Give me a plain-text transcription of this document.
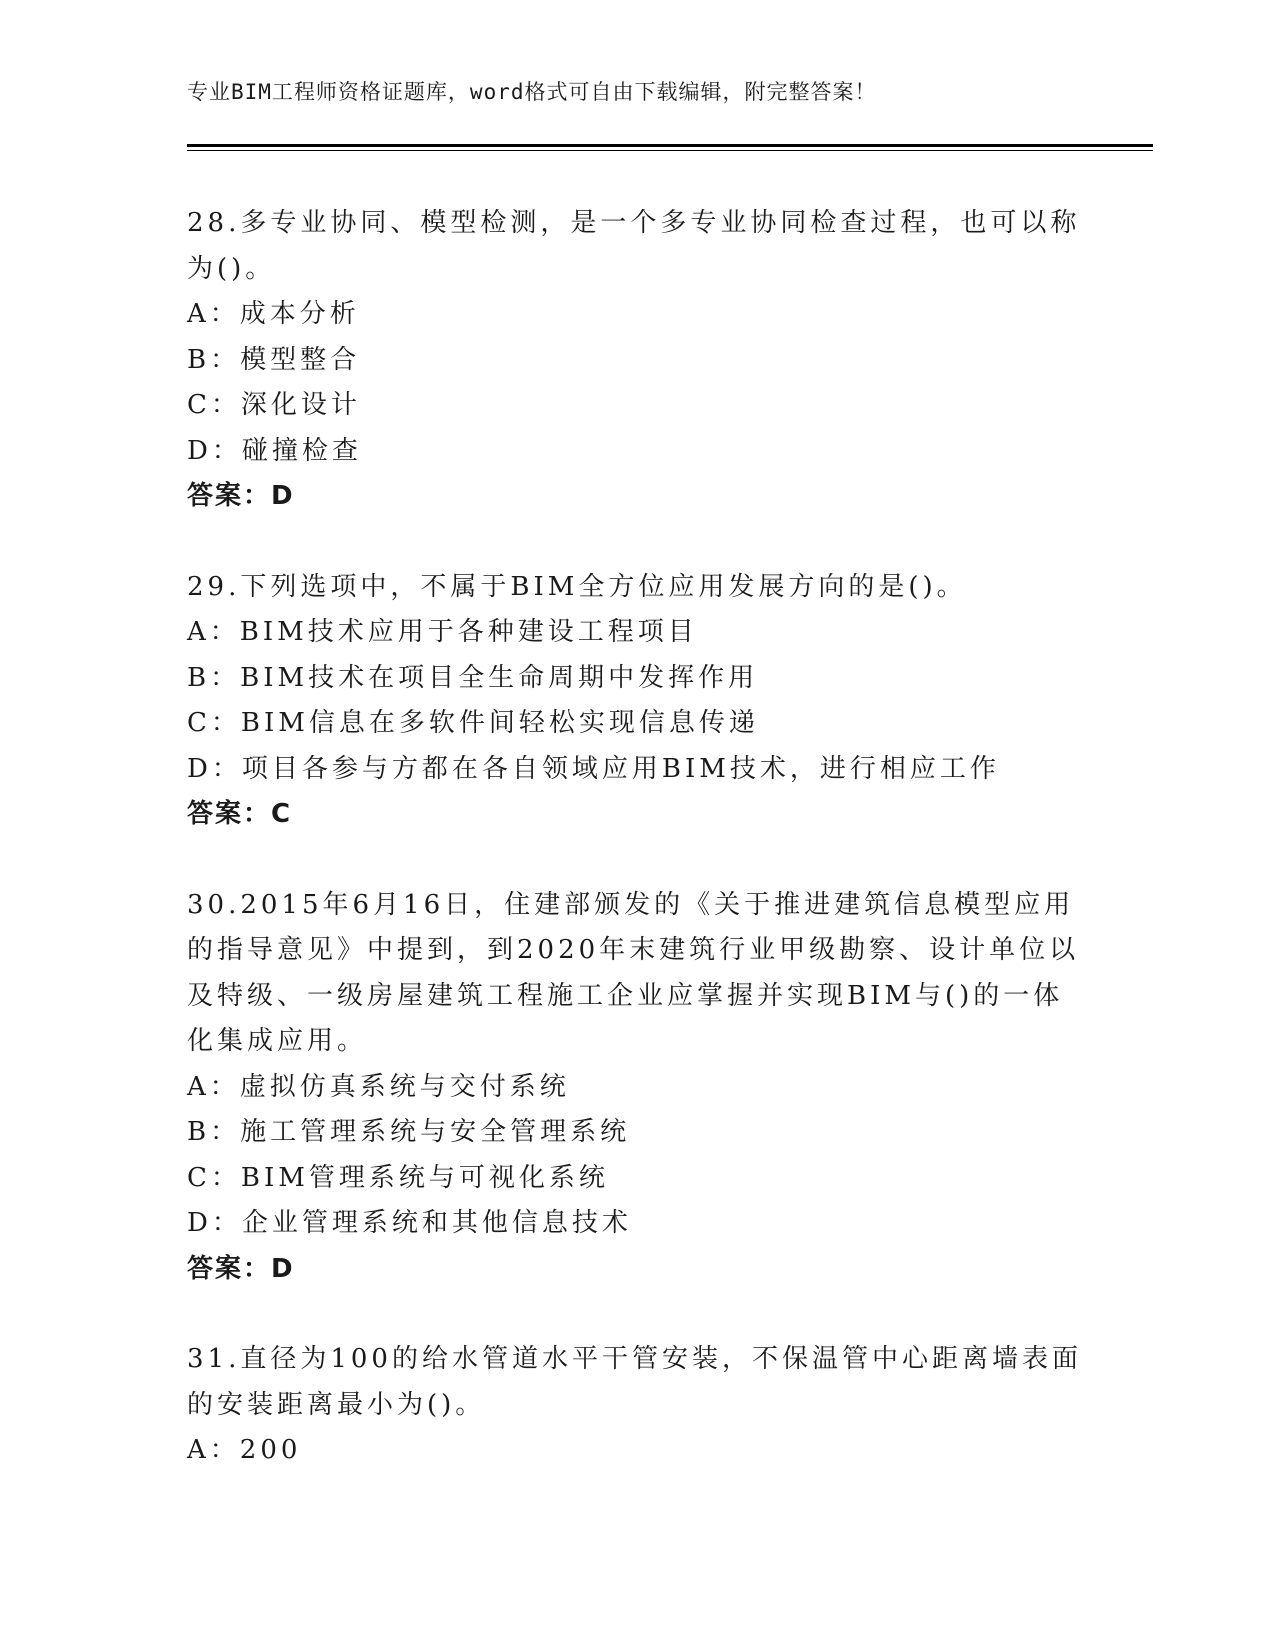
专业BIM工程师资格证题库，word格式可自由下载编辑，附完整答案！
28.多专业协同、模型检测，是一个多专业协同检查过程，也可以称为()。
A：成本分析
B：模型整合
C：深化设计
D：碰撞检查
答案：D
29.下列选项中，不属于BIM全方位应用发展方向的是()。
A：BIM技术应用于各种建设工程项目
B：BIM技术在项目全生命周期中发挥作用
C：BIM信息在多软件间轻松实现信息传递
D：项目各参与方都在各自领域应用BIM技术，进行相应工作
答案：C
30.2015年6月16日，住建部颁发的《关于推进建筑信息模型应用的指导意见》中提到，到2020年末建筑行业甲级勘察、设计单位以及特级、一级房屋建筑工程施工企业应掌握并实现BIM与()的一体化集成应用。
A：虚拟仿真系统与交付系统
B：施工管理系统与安全管理系统
C：BIM管理系统与可视化系统
D：企业管理系统和其他信息技术
答案：D
31.直径为100的给水管道水平干管安装，不保温管中心距离墙表面的安装距离最小为()。
A：200
